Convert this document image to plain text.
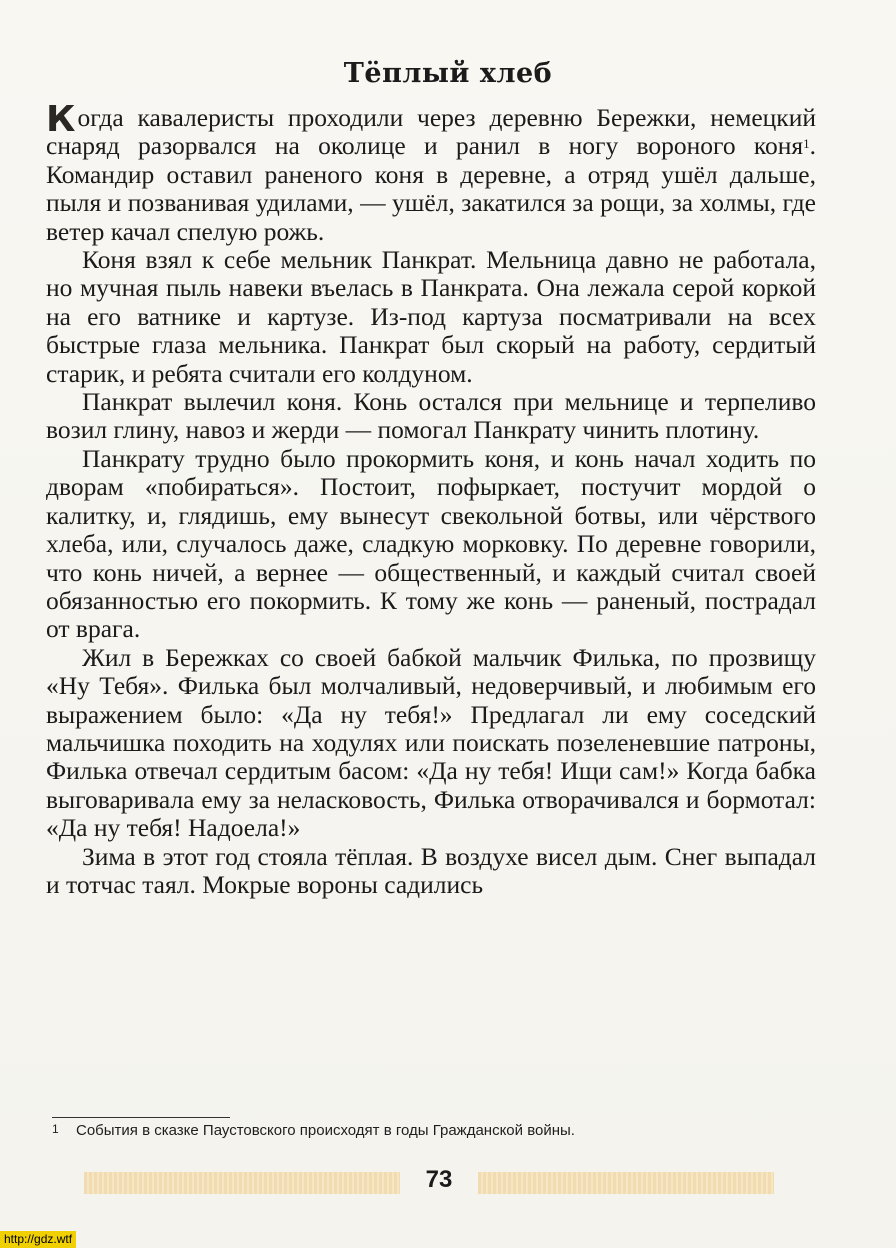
Тёплый хлеб

К огда кавалеристы проходили через деревню Бережки, немецкий снаряд разорвался на околице и ранил в ногу вороного коня$^1$. Командир оставил раненого коня в деревне, а отряд ушёл дальше, пыля и позванивая удилами, — ушёл, закатился за рощи, за холмы, где ветер качал спелую рожь.

Коня взял к себе мельник Панкрат. Мельница давно не работала, но мучная пыль навеки въелась в Панкрата. Она лежала серой коркой на его ватнике и картузе. Из-под картуза посматривали на всех быстрые глаза мельника. Панкрат был скорый на работу, сердитый старик, и ребята считали его колдуном.

Панкрат вылечил коня. Конь остался при мельнице и терпеливо возил глину, навоз и жерди — помогал Панкрату чинить плотину.

Панкрату трудно было прокормить коня, и конь начал ходить по дворам «побираться». Постоит, пофыркает, постучит мордой о калитку, и, глядишь, ему вынесут свекольной ботвы, или чёрствого хлеба, или, случалось даже, сладкую морковку. По деревне говорили, что конь ничей, а вернее — общественный, и каждый считал своей обязанностью его покормить. К тому же конь — раненый, пострадал от врага.

Жил в Бережках со своей бабкой мальчик Филька, по прозвищу «Ну Тебя». Филька был молчаливый, недоверчивый, и любимым его выражением было: «Да ну тебя!» Предлагал ли ему соседский мальчишка походить на ходулях или поискать позеленевшие патроны, Филька отвечал сердитым басом: «Да ну тебя! Ищи сам!» Когда бабка выговаривала ему за неласковость, Филька отворачивался и бормотал: «Да ну тебя! Надоела!»

Зима в этот год стояла тёплая. В воздухе висел дым. Снег выпадал и тотчас таял. Мокрые вороны садились

1 События в сказке Паустовского происходят в годы Гражданской войны.
73
http://gdz.wtf
